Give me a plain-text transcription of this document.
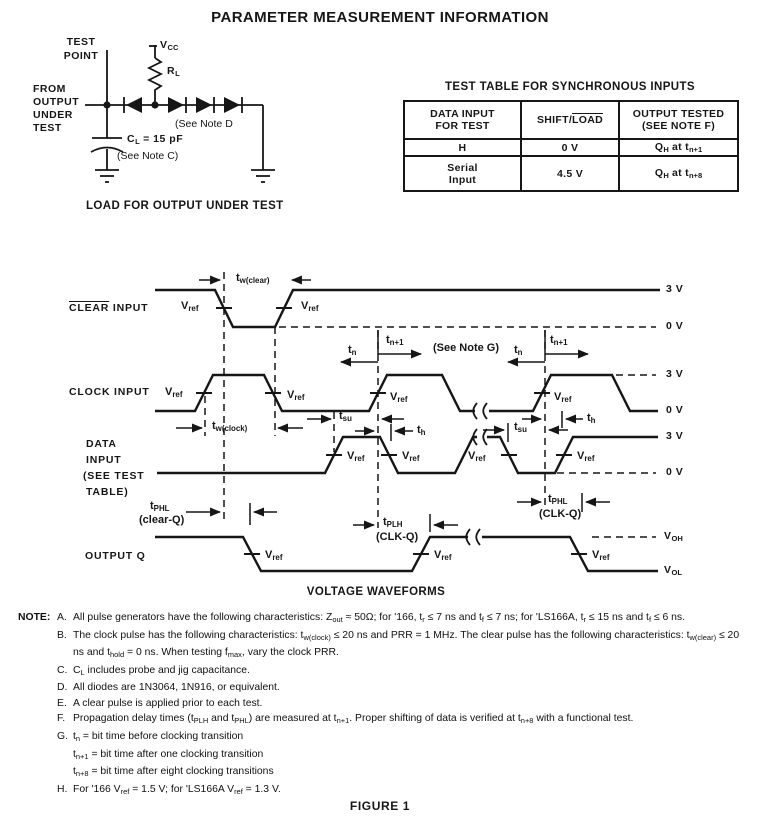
PARAMETER MEASUREMENT INFORMATION
TEST
POINT
$V_{CC}$
$R_L$
FROM
OUTPUT
UNDER
TEST	(See Note D
$C_L = 15$ pF
(See Note C)
LOAD FOR OUTPUT UNDER TEST
TEST TABLE FOR SYNCHRONOUS INPUTS
DATA INPUT
FOR TEST	SHIFT/LOAD	OUTPUT TESTED
(SEE NOTE F)

H	0 V	$Q_H$ at $t_{n+1}$

Serial
Input	4.5 V	$Q_H$ at $t_{n+8}$
CLEAR INPUT
CLOCK INPUT
DATA
INPUT
(SEE TEST
TABLE)
OUTPUT Q
3 V
0 V
3 V
0 V
3 V
0 V
$V_{OH}$
$V_{OL}$
$V_{ref}$	$V_{ref}$
$V_{ref}$	$V_{ref}$	$V_{ref}$	$V_{ref}$
$V_{ref}$	$V_{ref}$	$V_{ref}$	$V_{ref}$
$V_{ref}$	$V_{ref}$	$V_{ref}$
$t_{w(clear)}$
$t_{w(clock)}$
$t_n$
$t_{n+1}$	(See Note G) $t_n$
$t_{n+1}$
$t_{su}$
$t_h$	$t_{su}$
$t_h$
$t_{PHL}$
(clear-Q)	$t_{PLH}$
(CLK-Q)
$t_{PHL}$
(CLK-Q)
VOLTAGE WAVEFORMS
NOTE: A. All pulse generators have the following characteristics: $Z_{out} \approx 50\Omega$; for '166, $t_r \le 7$ ns and $t_f \le 7$ ns; for 'LS166A, $t_r \le 15$ ns and $t_f \le 6$ ns.
B. The clock pulse has the following characteristics: $t_{w(clock)} \le 20$ ns and PRR = 1 MHz. The clear pulse has the following characteristics: $t_{w(clear)} \le 20$ ns and $t_{hold} = 0$ ns. When testing $f_{max}$, vary the clock PRR.
C. $C_L$ includes probe and jig capacitance.
D. All diodes are 1N3064, 1N916, or equivalent.
E. A clear pulse is applied prior to each test.
F. Propagation delay times ($t_{PLH}$ and $t_{PHL}$) are measured at $t_{n+1}$. Proper shifting of data is verified at $t_{n+8}$ with a functional test.
G. $t_n$ = bit time before clocking transition
$t_{n+1}$ = bit time after one clocking transition
$t_{n+8}$ = bit time after eight clocking transitions
H. For '166 $V_{ref} = 1.5$ V; for 'LS166A $V_{ref} = 1.3$ V.
FIGURE 1
